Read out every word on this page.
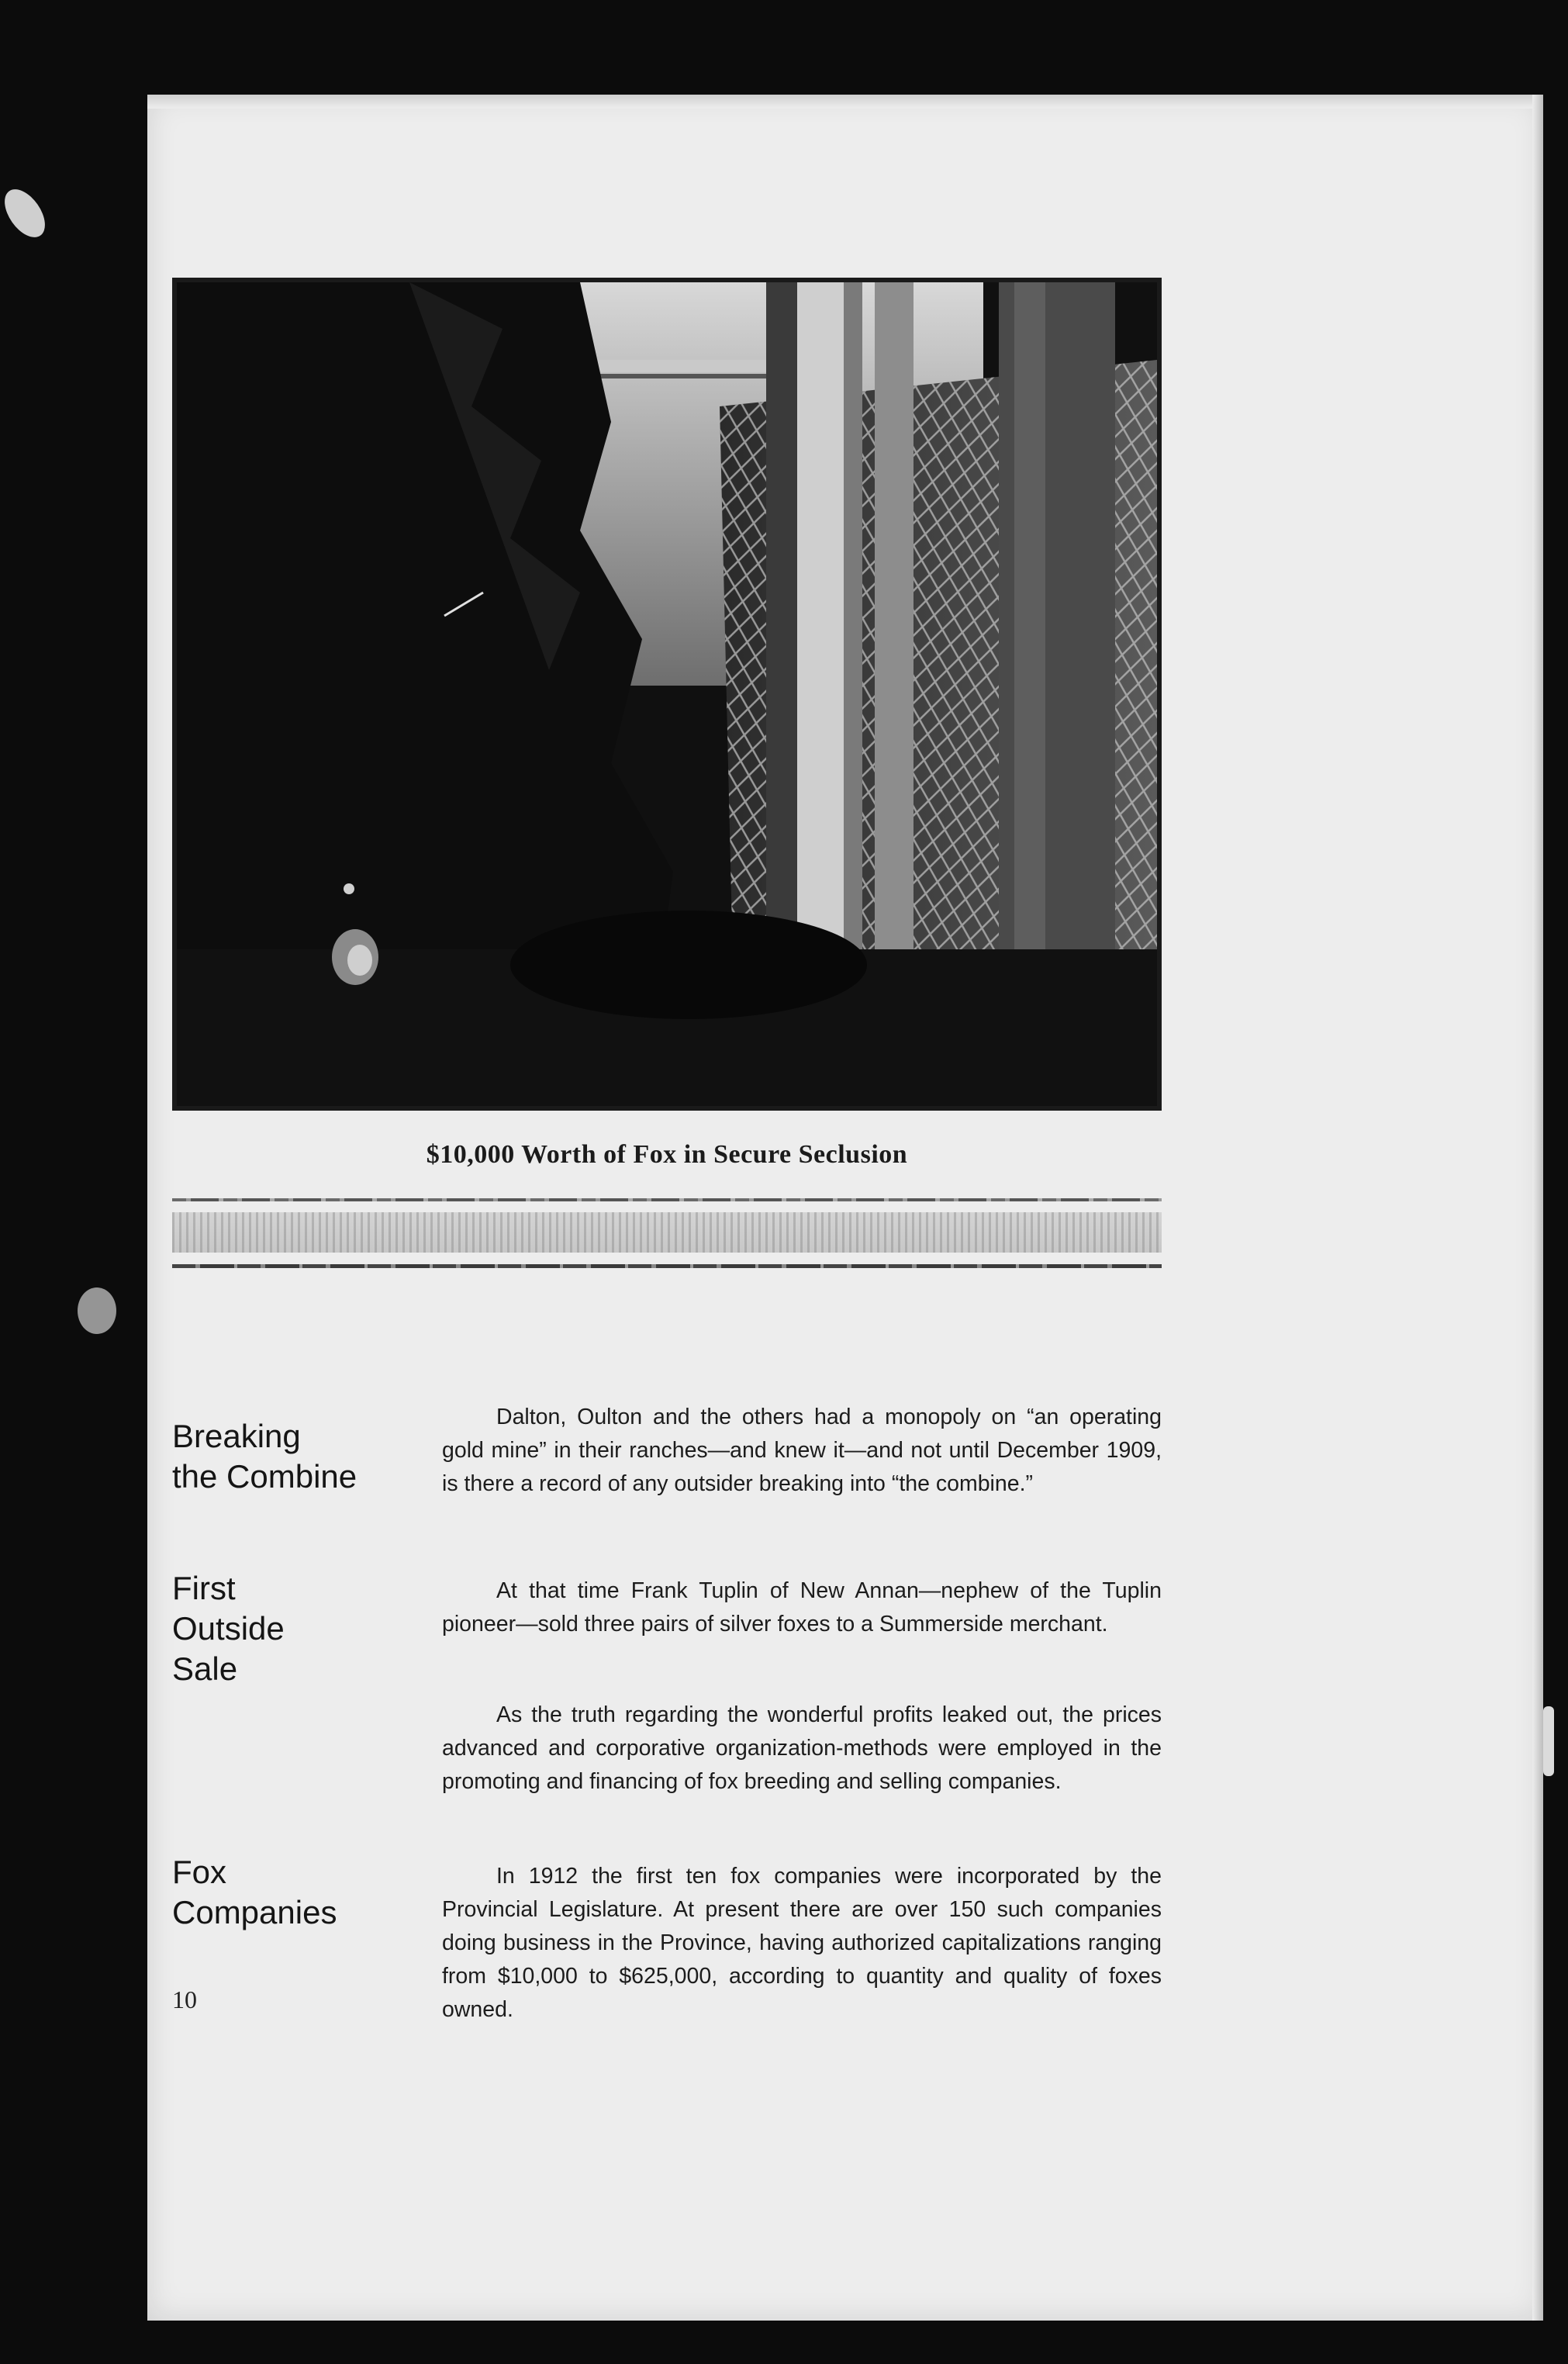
$10,000 Worth of Fox in Secure Seclusion
Breaking
the Combine
First
Outside
Sale
Fox
Companies

Dalton, Oulton and the others had a monopoly on “an operating gold mine” in their ranches—and knew it—and not until December 1909, is there a record of any outsider breaking into “the combine.”

At that time Frank Tuplin of New Annan—nephew of the Tuplin pioneer—sold three pairs of silver foxes to a Summerside merchant.

As the truth regarding the wonderful profits leaked out, the prices advanced and corporative organization-methods were employed in the promoting and financing of fox breeding and selling companies.

In 1912 the first ten fox companies were incorporated by the Provincial Legislature. At present there are over 150 such companies doing business in the Province, having authorized capitalizations ranging from $10,000 to $625,000, according to quantity and quality of foxes owned.

10
